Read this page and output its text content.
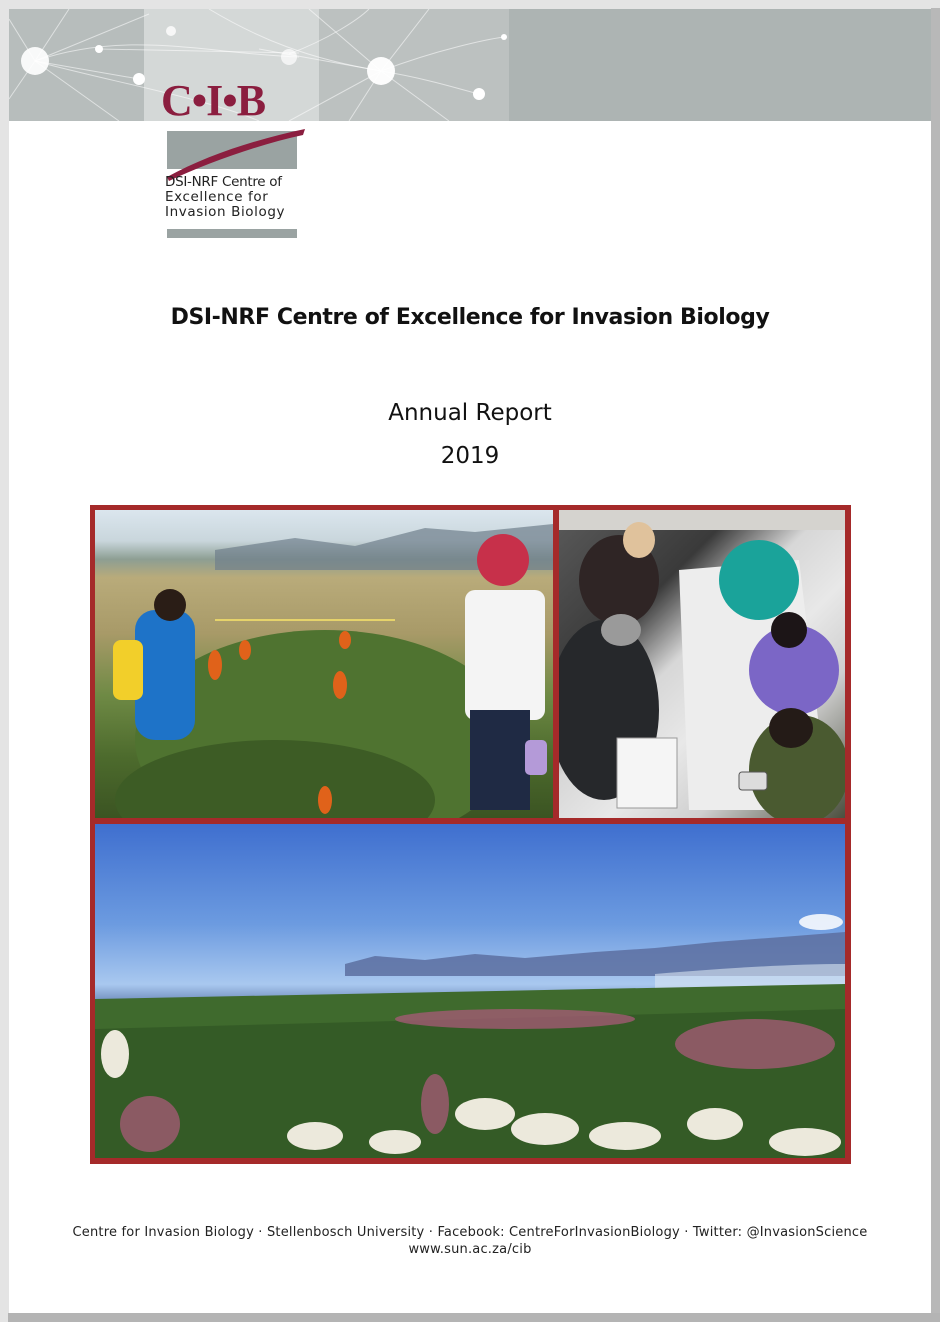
C•I•B
DSI-NRF Centre of
Excellence for
Invasion Biology
DSI-NRF Centre of Excellence for Invasion Biology
Annual Report
2019
Centre for Invasion Biology · Stellenbosch University · Facebook: CentreForInvasionBiology · Twitter: @InvasionScience
www.sun.ac.za/cib
